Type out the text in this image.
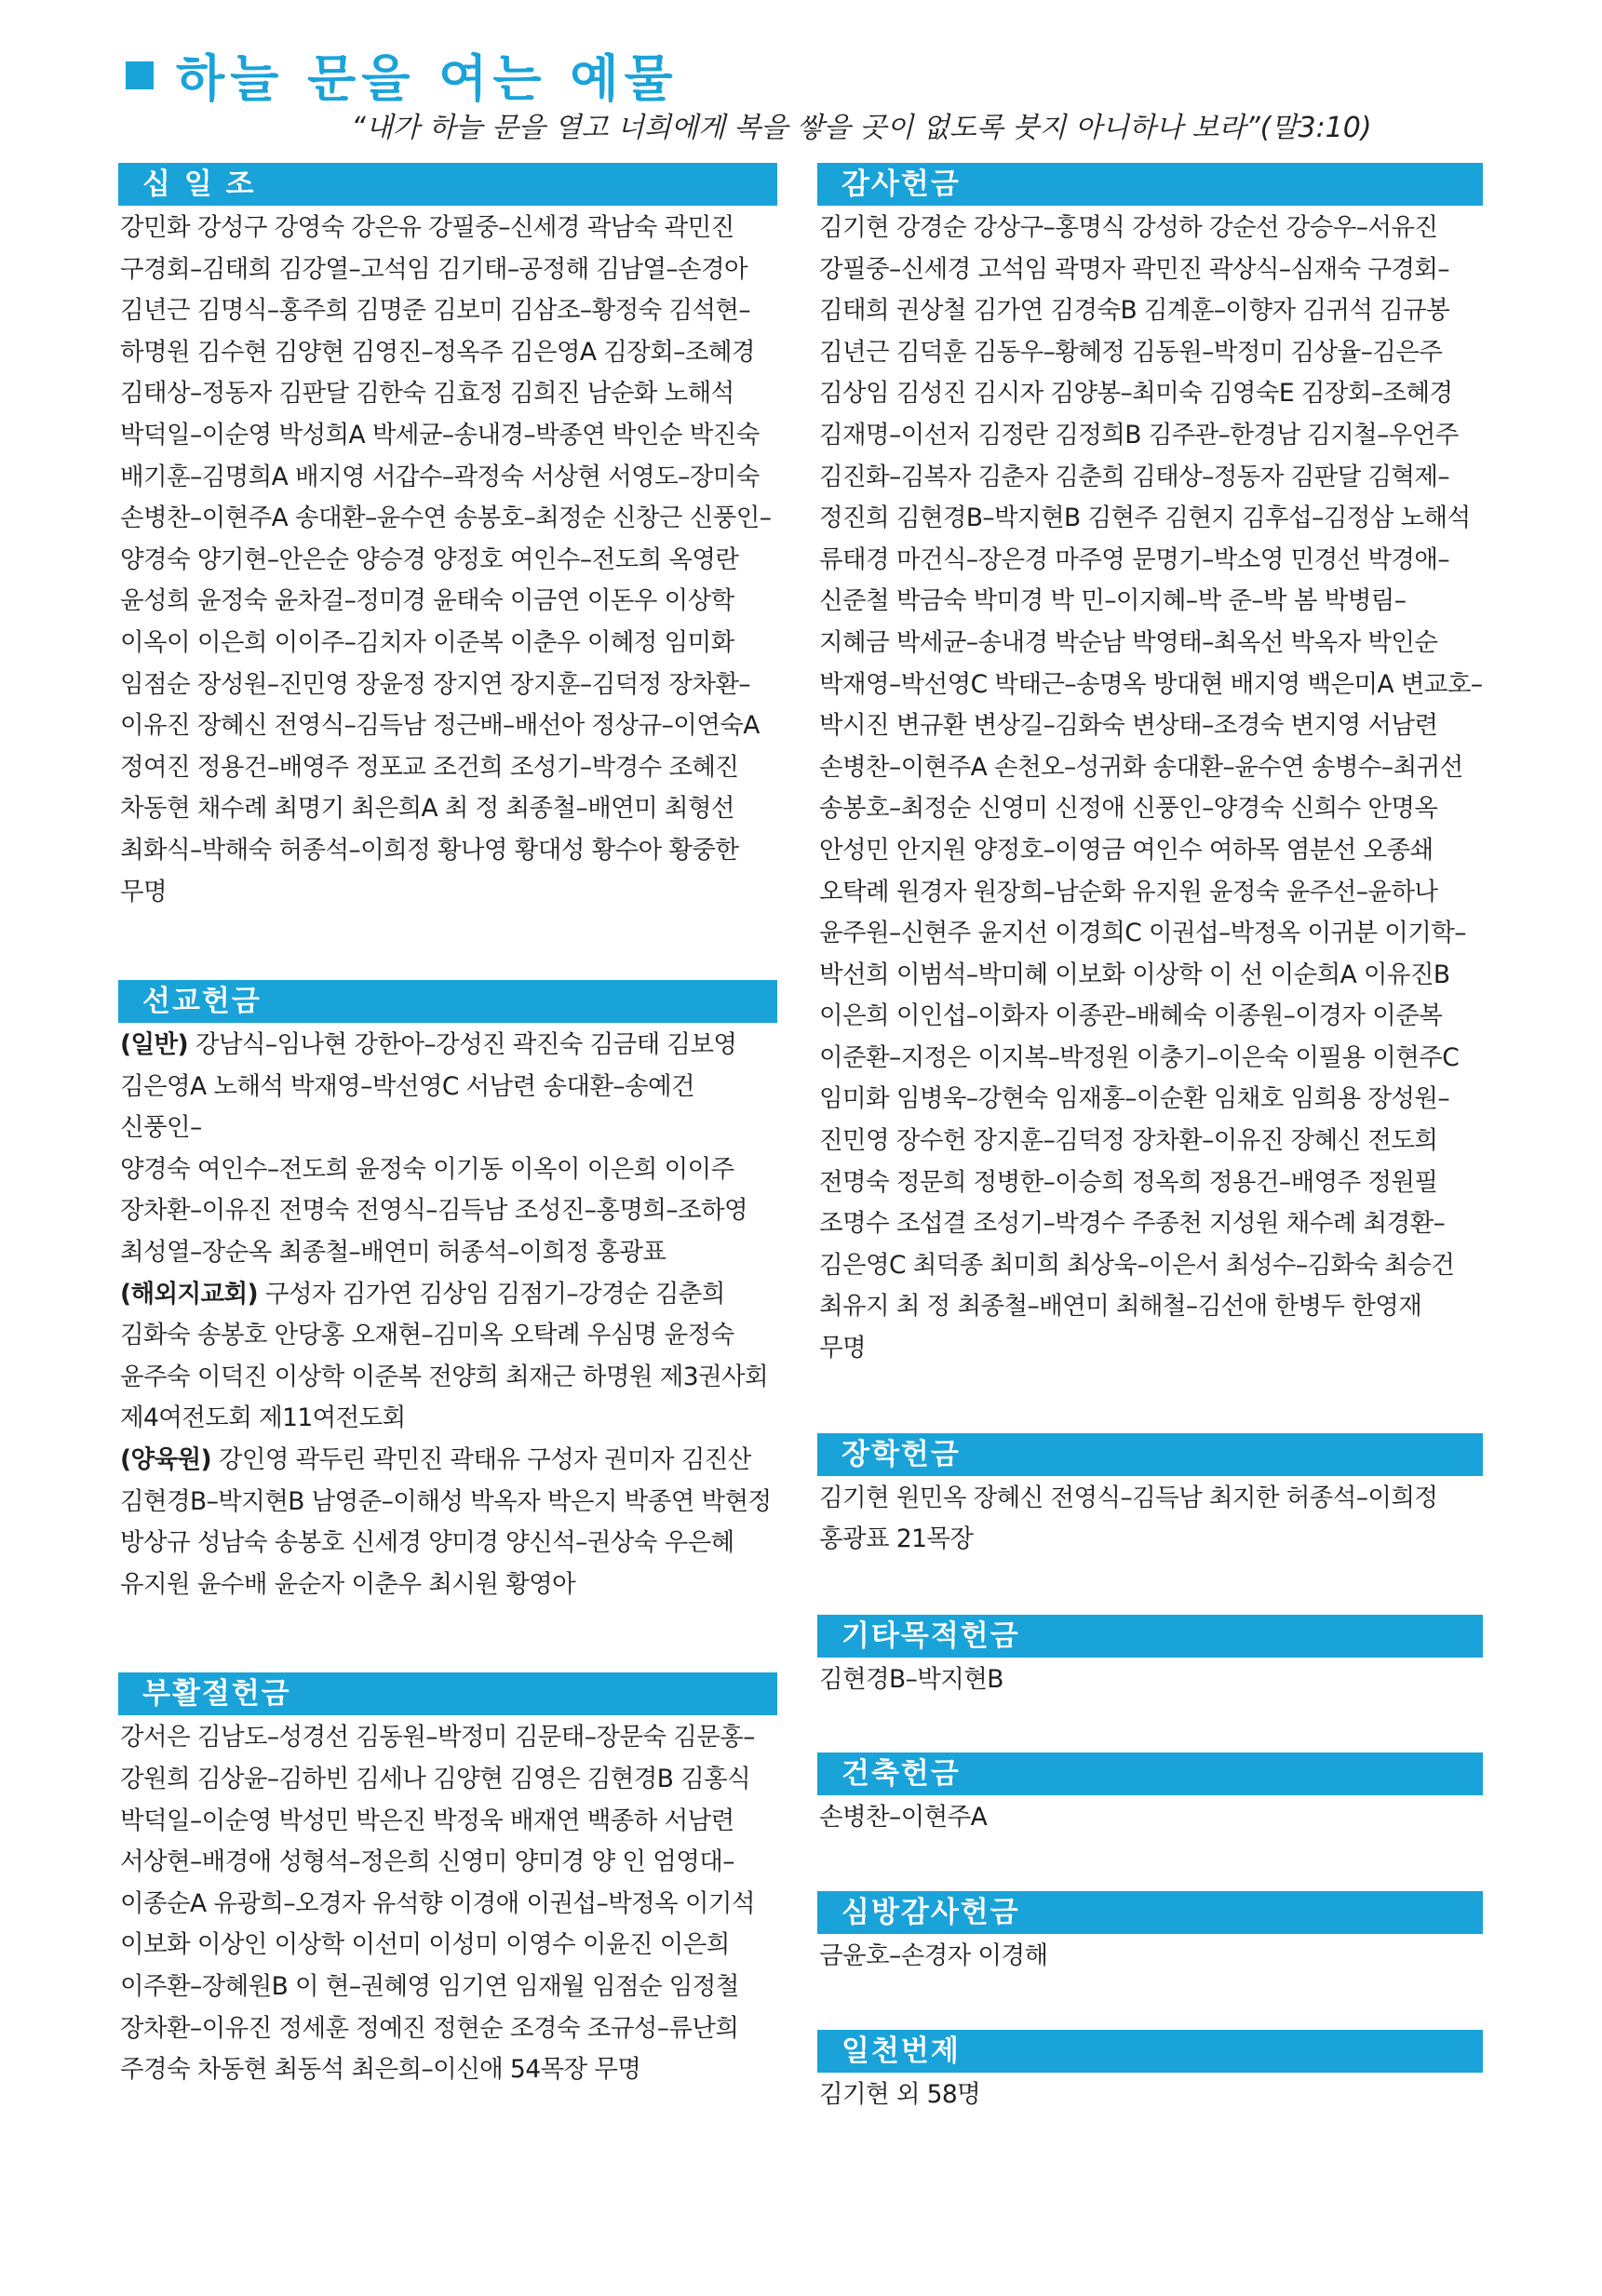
하늘 문을 여는 예물
“내가 하늘 문을 열고 너희에게 복을 쌓을 곳이 없도록 붓지 아니하나 보라”(말3:10)
십 일 조
강민화 강성구 강영숙 강은유 강필중–신세경 곽남숙 곽민진
구경회–김태희 김강열–고석임 김기태–공정해 김남열–손경아
김년근 김명식–홍주희 김명준 김보미 김삼조–황정숙 김석현–
하명원 김수현 김양현 김영진–정옥주 김은영A 김장회–조혜경
김태상–정동자 김판달 김한숙 김효정 김희진 남순화 노해석
박덕일–이순영 박성희A 박세균–송내경–박종연 박인순 박진숙
배기훈–김명희A 배지영 서갑수–곽정숙 서상현 서영도–장미숙
손병찬–이현주A 송대환–윤수연 송봉호–최정순 신창근 신풍인–
양경숙 양기현–안은순 양승경 양정호 여인수–전도희 옥영란
윤성희 윤정숙 윤차걸–정미경 윤태숙 이금연 이돈우 이상학
이옥이 이은희 이이주–김치자 이준복 이춘우 이혜정 임미화
임점순 장성원–진민영 장윤정 장지연 장지훈–김덕정 장차환–
이유진 장혜신 전영식–김득남 정근배–배선아 정상규–이연숙A
정여진 정용건–배영주 정포교 조건희 조성기–박경수 조혜진
차동현 채수례 최명기 최은희A 최 정 최종철–배연미 최형선
최화식–박해숙 허종석–이희정 황나영 황대성 황수아 황중한
무명
선교헌금
(일반) 강남식–임나현 강한아–강성진 곽진숙 김금태 김보영
김은영A 노해석 박재영–박선영C 서남련 송대환–송예건 신풍인–
양경숙 여인수–전도희 윤정숙 이기동 이옥이 이은희 이이주
장차환–이유진 전명숙 전영식–김득남 조성진–홍명희–조하영
최성열–장순옥 최종철–배연미 허종석–이희정 홍광표
(해외지교회) 구성자 김가연 김상임 김점기–강경순 김춘희
김화숙 송봉호 안당홍 오재현–김미옥 오탁례 우심명 윤정숙
윤주숙 이덕진 이상학 이준복 전양희 최재근 하명원 제3권사회
제4여전도회 제11여전도회
(양육원) 강인영 곽두린 곽민진 곽태유 구성자 권미자 김진산
김현경B–박지현B 남영준–이해성 박옥자 박은지 박종연 박현정
방상규 성남숙 송봉호 신세경 양미경 양신석–권상숙 우은혜
유지원 윤수배 윤순자 이춘우 최시원 황영아
부활절헌금
강서은 김남도–성경선 김동원–박정미 김문태–장문숙 김문홍–
강원희 김상윤–김하빈 김세나 김양현 김영은 김현경B 김홍식
박덕일–이순영 박성민 박은진 박정욱 배재연 백종하 서남련
서상현–배경애 성형석–정은희 신영미 양미경 양 인 엄영대–
이종순A 유광희–오경자 유석향 이경애 이권섭–박정옥 이기석
이보화 이상인 이상학 이선미 이성미 이영수 이윤진 이은희
이주환–장혜원B 이 현–권혜영 임기연 임재월 임점순 임정철
장차환–이유진 정세훈 정예진 정현순 조경숙 조규성–류난희
주경숙 차동현 최동석 최은희–이신애 54목장 무명
감사헌금
김기현 강경순 강상구–홍명식 강성하 강순선 강승우–서유진
강필중–신세경 고석임 곽명자 곽민진 곽상식–심재숙 구경회–
김태희 권상철 김가연 김경숙B 김계훈–이향자 김귀석 김규봉
김년근 김덕훈 김동우–황혜정 김동원–박정미 김상율–김은주
김상임 김성진 김시자 김양봉–최미숙 김영숙E 김장회–조혜경
김재명–이선저 김정란 김정희B 김주관–한경남 김지철–우언주
김진화–김복자 김춘자 김춘희 김태상–정동자 김판달 김혁제–
정진희 김현경B–박지현B 김현주 김현지 김후섭–김정삼 노해석
류태경 마건식–장은경 마주영 문명기–박소영 민경선 박경애–
신준철 박금숙 박미경 박 민–이지혜–박 준–박 봄 박병림–
지혜금 박세균–송내경 박순남 박영태–최옥선 박옥자 박인순
박재영–박선영C 박태근–송명옥 방대현 배지영 백은미A 변교호–
박시진 변규환 변상길–김화숙 변상태–조경숙 변지영 서남련
손병찬–이현주A 손천오–성귀화 송대환–윤수연 송병수–최귀선
송봉호–최정순 신영미 신정애 신풍인–양경숙 신희수 안명옥
안성민 안지원 양정호–이영금 여인수 여하목 염분선 오종쇄
오탁례 원경자 원장희–남순화 유지원 윤정숙 윤주선–윤하나
윤주원–신현주 윤지선 이경희C 이권섭–박정옥 이귀분 이기학–
박선희 이범석–박미혜 이보화 이상학 이 선 이순희A 이유진B
이은희 이인섭–이화자 이종관–배혜숙 이종원–이경자 이준복
이준환–지정은 이지복–박정원 이충기–이은숙 이필용 이현주C
임미화 임병욱–강현숙 임재홍–이순환 임채호 임희용 장성원–
진민영 장수헌 장지훈–김덕정 장차환–이유진 장혜신 전도희
전명숙 정문희 정병한–이승희 정옥희 정용건–배영주 정원필
조명수 조섭결 조성기–박경수 주종천 지성원 채수례 최경환–
김은영C 최덕종 최미희 최상욱–이은서 최성수–김화숙 최승건
최유지 최 정 최종철–배연미 최해철–김선애 한병두 한영재
무명
장학헌금
김기현 원민옥 장혜신 전영식–김득남 최지한 허종석–이희정
홍광표 21목장
기타목적헌금
김현경B–박지현B
건축헌금
손병찬–이현주A
심방감사헌금
금윤호–손경자 이경해
일천번제
김기현 외 58명
